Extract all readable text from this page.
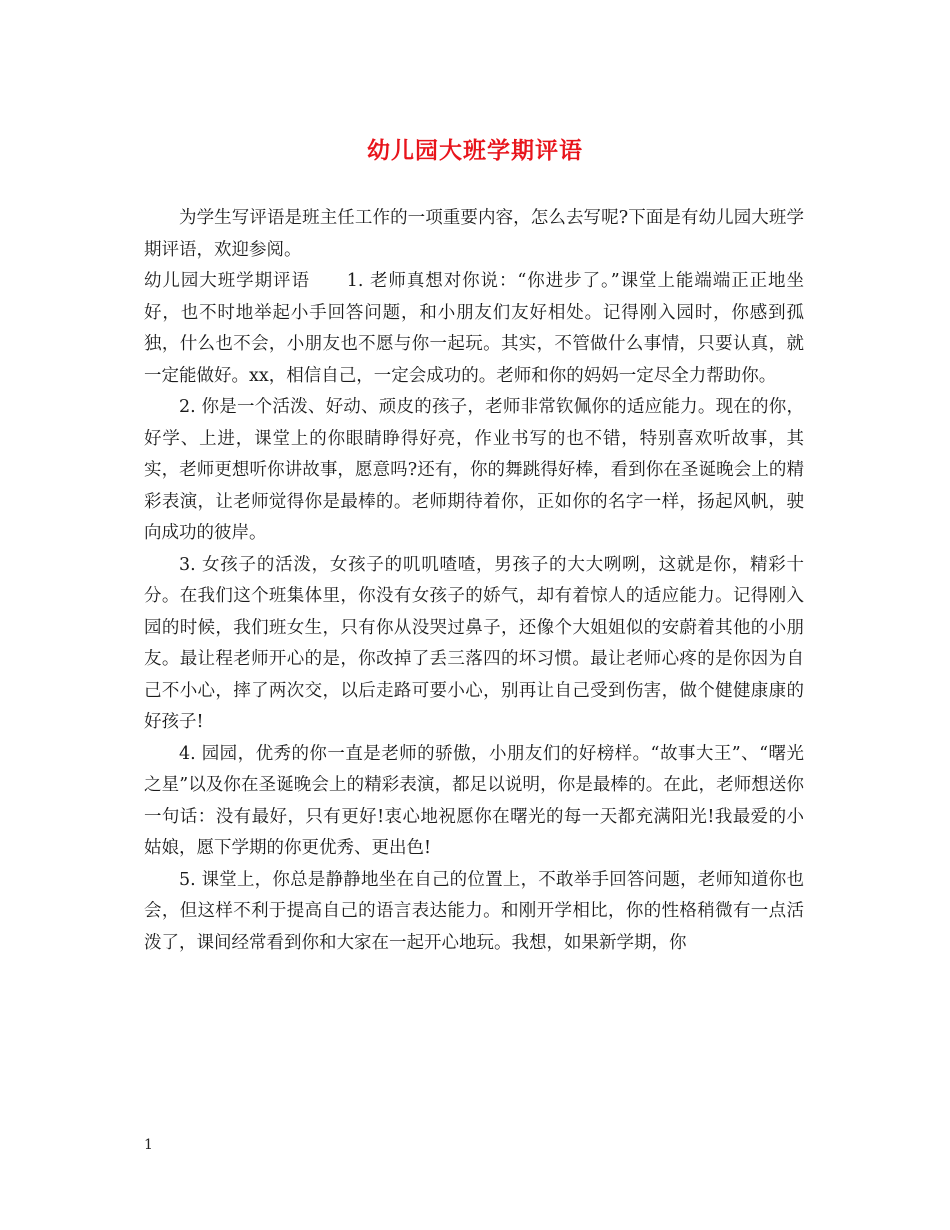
幼儿园大班学期评语

为学生写评语是班主任工作的一项重要内容，怎么去写呢?下面是有幼儿园大班学期评语，欢迎参阅。

幼儿园大班学期评语　　1. 老师真想对你说：“你进步了。”课堂上能端端正正地坐好，也不时地举起小手回答问题，和小朋友们友好相处。记得刚入园时，你感到孤独，什么也不会，小朋友也不愿与你一起玩。其实，不管做什么事情，只要认真，就一定能做好。xx，相信自己，一定会成功的。老师和你的妈妈一定尽全力帮助你。

2. 你是一个活泼、好动、顽皮的孩子，老师非常钦佩你的适应能力。现在的你，好学、上进，课堂上的你眼睛睁得好亮，作业书写的也不错，特别喜欢听故事，其实，老师更想听你讲故事，愿意吗?还有，你的舞跳得好棒，看到你在圣诞晚会上的精彩表演，让老师觉得你是最棒的。老师期待着你，正如你的名字一样，扬起风帆，驶向成功的彼岸。

3. 女孩子的活泼，女孩子的叽叽喳喳，男孩子的大大咧咧，这就是你，精彩十分。在我们这个班集体里，你没有女孩子的娇气，却有着惊人的适应能力。记得刚入园的时候，我们班女生，只有你从没哭过鼻子，还像个大姐姐似的安蔚着其他的小朋友。最让程老师开心的是，你改掉了丢三落四的坏习惯。最让老师心疼的是你因为自己不小心，摔了两次交，以后走路可要小心，别再让自己受到伤害，做个健健康康的好孩子!

4. 园园，优秀的你一直是老师的骄傲，小朋友们的好榜样。“故事大王”、“曙光之星”以及你在圣诞晚会上的精彩表演，都足以说明，你是最棒的。在此，老师想送你一句话：没有最好，只有更好!衷心地祝愿你在曙光的每一天都充满阳光!我最爱的小姑娘，愿下学期的你更优秀、更出色!

5. 课堂上，你总是静静地坐在自己的位置上，不敢举手回答问题，老师知道你也会，但这样不利于提高自己的语言表达能力。和刚开学相比，你的性格稍微有一点活泼了，课间经常看到你和大家在一起开心地玩。我想，如果新学期，你

1
